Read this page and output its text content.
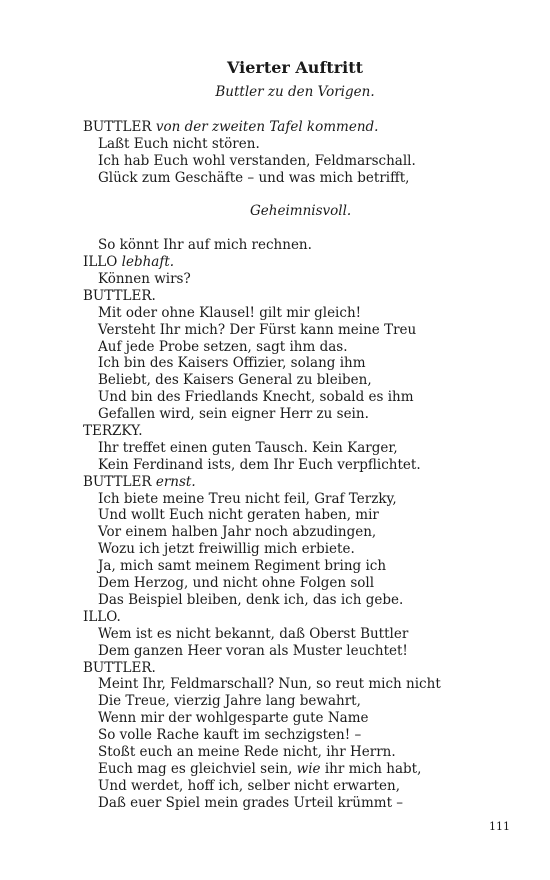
Vierter Auftritt
Buttler zu den Vorigen.
BUTTLER von der zweiten Tafel kommend.
Laßt Euch nicht stören.
Ich hab Euch wohl verstanden, Feldmarschall.
Glück zum Geschäfte – und was mich betrifft,
Geheimnisvoll.
So könnt Ihr auf mich rechnen.
ILLO lebhaft.
Können wirs?
BUTTLER.
Mit oder ohne Klausel! gilt mir gleich!
Versteht Ihr mich? Der Fürst kann meine Treu
Auf jede Probe setzen, sagt ihm das.
Ich bin des Kaisers Offizier, solang ihm
Beliebt, des Kaisers General zu bleiben,
Und bin des Friedlands Knecht, sobald es ihm
Gefallen wird, sein eigner Herr zu sein.
TERZKY.
Ihr treffet einen guten Tausch. Kein Karger,
Kein Ferdinand ists, dem Ihr Euch verpflichtet.
BUTTLER ernst.
Ich biete meine Treu nicht feil, Graf Terzky,
Und wollt Euch nicht geraten haben, mir
Vor einem halben Jahr noch abzudingen,
Wozu ich jetzt freiwillig mich erbiete.
Ja, mich samt meinem Regiment bring ich
Dem Herzog, und nicht ohne Folgen soll
Das Beispiel bleiben, denk ich, das ich gebe.
ILLO.
Wem ist es nicht bekannt, daß Oberst Buttler
Dem ganzen Heer voran als Muster leuchtet!
BUTTLER.
Meint Ihr, Feldmarschall? Nun, so reut mich nicht
Die Treue, vierzig Jahre lang bewahrt,
Wenn mir der wohlgesparte gute Name
So volle Rache kauft im sechzigsten! –
Stoßt euch an meine Rede nicht, ihr Herrn.
Euch mag es gleichviel sein, wie ihr mich habt,
Und werdet, hoff ich, selber nicht erwarten,
Daß euer Spiel mein grades Urteil krümmt –
111
